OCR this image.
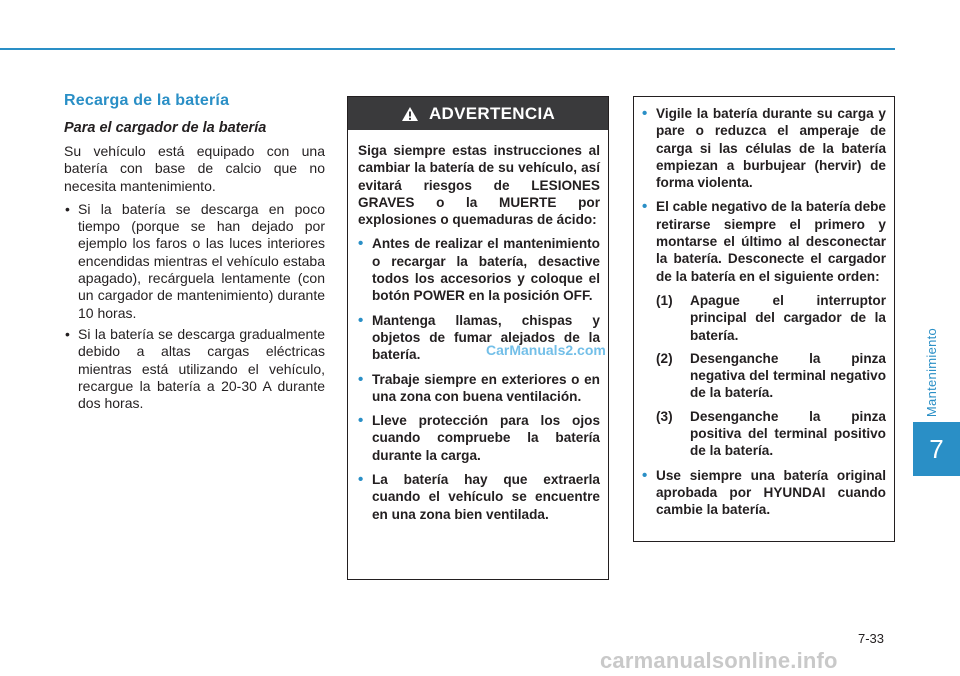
Recarga de la batería
Para el cargador de la batería

Su vehículo está equipado con una batería con base de calcio que no necesita mantenimiento.

• Si la batería se descarga en poco tiempo (porque se han dejado por ejemplo los faros o las luces interiores encendidas mientras el vehículo estaba apagado), recárguela lentamente (con un cargador de mantenimiento) durante 10 horas.
• Si la batería se descarga gradualmente debido a altas cargas eléctricas mientras está utilizando el vehículo, recargue la batería a 20-30 A durante dos horas.
ADVERTENCIA

Siga siempre estas instrucciones al cambiar la batería de su vehículo, así evitará riesgos de LESIONES GRAVES o la MUERTE por explosiones o quemaduras de ácido:

• Antes de realizar el mantenimiento o recargar la batería, desactive todos los accesorios y coloque el botón POWER en la posición OFF.
• Mantenga llamas, chispas y objetos de fumar alejados de la batería.
• Trabaje siempre en exteriores o en una zona con buena ventilación.
• Lleve protección para los ojos cuando compruebe la batería durante la carga.
• La batería hay que extraerla cuando el vehículo se encuentre en una zona bien ventilada.
• Vigile la batería durante su carga y pare o reduzca el amperaje de carga si las células de la batería empiezan a burbujear (hervir) de forma violenta.
• El cable negativo de la batería debe retirarse siempre el primero y montarse el último al desconectar la batería. Desconecte el cargador de la batería en el siguiente orden:
(1) Apague el interruptor principal del cargador de la batería.
(2) Desenganche la pinza negativa del terminal negativo de la batería.
(3) Desenganche la pinza positiva del terminal positivo de la batería.
• Use siempre una batería original aprobada por HYUNDAI cuando cambie la batería.
Mantenimiento
7
CarManuals2.com
7-33
carmanualsonline.info
